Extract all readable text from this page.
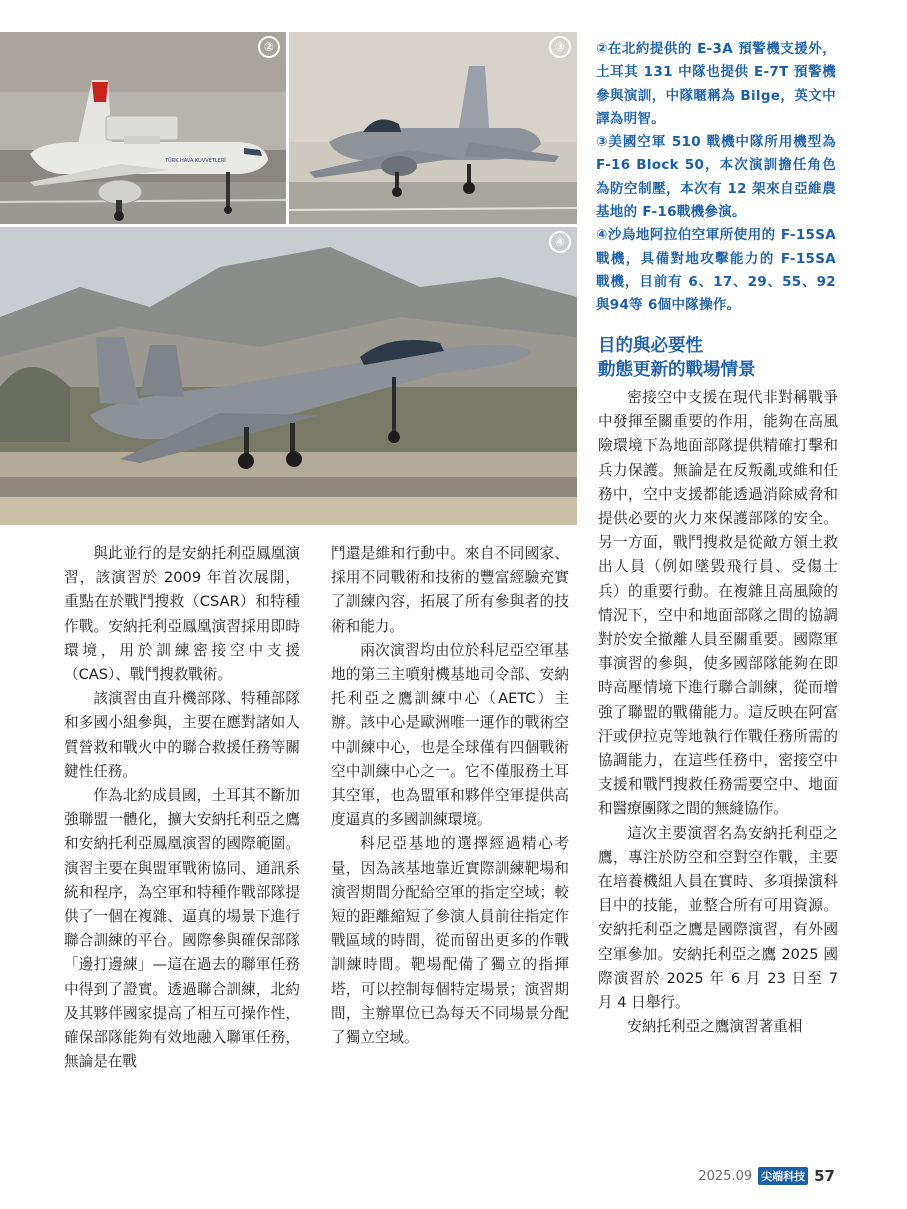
TÜRK HAVA KUVVETLERİ
②	③
④

②在北約提供的 E-3A 預警機支援外，土耳其 131 中隊也提供 E-7T 預警機參與演訓，中隊暱稱為 Bilge，英文中譯為明智。

③美國空軍 510 戰機中隊所用機型為 F-16 Block 50，本次演訓擔任角色為防空制壓，本次有 12 架來自亞維農基地的 F-16戰機參演。

④沙烏地阿拉伯空軍所使用的 F-15SA 戰機，具備對地攻擊能力的 F-15SA 戰機，目前有 6、17、29、55、92與94等 6個中隊操作。

目的與必要性
動態更新的戰場情景

與此並行的是安納托利亞鳳凰演習，該演習於 2009 年首次展開，重點在於戰鬥搜救（CSAR）和特種作戰。安納托利亞鳳凰演習採用即時環境，用於訓練密接空中支援（CAS）、戰鬥搜救戰術。

該演習由直升機部隊、特種部隊和多國小組參與，主要在應對諸如人質營救和戰火中的聯合救援任務等關鍵性任務。

作為北約成員國，土耳其不斷加強聯盟一體化，擴大安納托利亞之鷹和安納托利亞鳳凰演習的國際範圍。演習主要在與盟軍戰術協同、通訊系統和程序，為空軍和特種作戰部隊提供了一個在複雜、逼真的場景下進行聯合訓練的平台。國際參與確保部隊「邊打邊練」—這在過去的聯軍任務中得到了證實。透過聯合訓練，北約及其夥伴國家提高了相互可操作性，確保部隊能夠有效地融入聯軍任務，無論是在戰

鬥還是維和行動中。來自不同國家、採用不同戰術和技術的豐富經驗充實了訓練內容，拓展了所有參與者的技術和能力。

兩次演習均由位於科尼亞空軍基地的第三主噴射機基地司令部、安納托利亞之鷹訓練中心（AETC）主辦。該中心是歐洲唯一運作的戰術空中訓練中心，也是全球僅有四個戰術空中訓練中心之一。它不僅服務土耳其空軍，也為盟軍和夥伴空軍提供高度逼真的多國訓練環境。

科尼亞基地的選擇經過精心考量，因為該基地靠近實際訓練靶場和演習期間分配給空軍的指定空域；較短的距離縮短了參演人員前往指定作戰區域的時間，從而留出更多的作戰訓練時間。靶場配備了獨立的指揮塔，可以控制每個特定場景；演習期間，主辦單位已為每天不同場景分配了獨立空域。

密接空中支援在現代非對稱戰爭中發揮至關重要的作用，能夠在高風險環境下為地面部隊提供精確打擊和兵力保護。無論是在反叛亂或維和任務中，空中支援都能透過消除威脅和提供必要的火力來保護部隊的安全。另一方面，戰鬥搜救是從敵方領土救出人員（例如墜毀飛行員、受傷士兵）的重要行動。在複雜且高風險的情況下，空中和地面部隊之間的協調對於安全撤離人員至關重要。國際軍事演習的參與，使多國部隊能夠在即時高壓情境下進行聯合訓練，從而增強了聯盟的戰備能力。這反映在阿富汗或伊拉克等地執行作戰任務所需的協調能力，在這些任務中，密接空中支援和戰鬥搜救任務需要空中、地面和醫療團隊之間的無縫協作。

這次主要演習名為安納托利亞之鷹，專注於防空和空對空作戰，主要在培養機組人員在實時、多項操演科目中的技能，並整合所有可用資源。安納托利亞之鷹是國際演習，有外國空軍參加。安納托利亞之鷹 2025 國際演習於 2025 年 6 月 23 日至 7 月 4 日舉行。

安納托利亞之鷹演習著重相

2025.09 尖端科技 57
